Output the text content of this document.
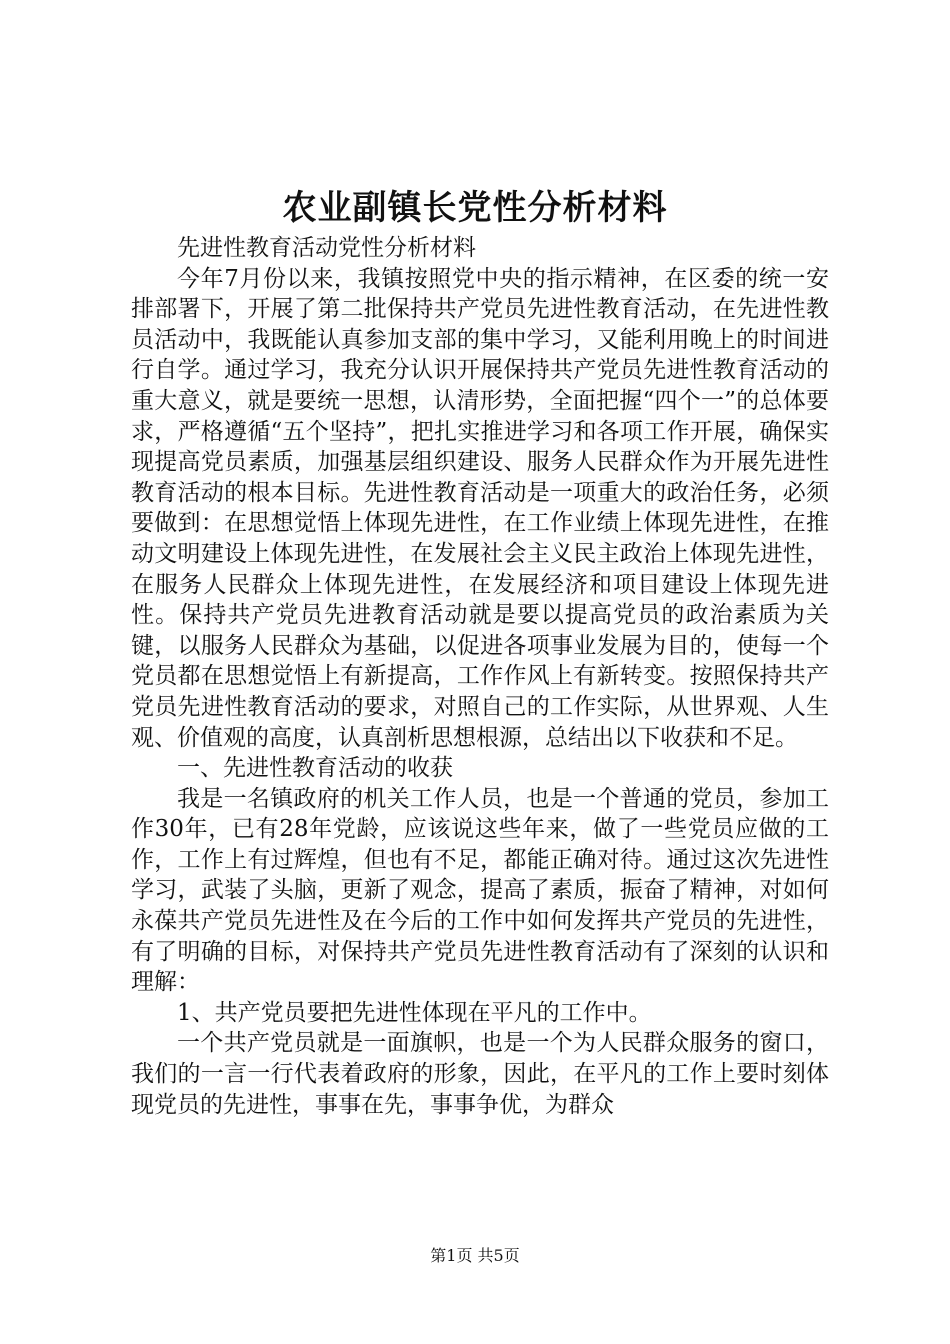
农业副镇长党性分析材料

先进性教育活动党性分析材料

今年7月份以来，我镇按照党中央的指示精神，在区委的统一安排部署下，开展了第二批保持共产党员先进性教育活动，在先进性教员活动中，我既能认真参加支部的集中学习，又能利用晚上的时间进行自学。通过学习，我充分认识开展保持共产党员先进性教育活动的重大意义，就是要统一思想，认清形势，全面把握“四个一”的总体要求，严格遵循“五个坚持”，把扎实推进学习和各项工作开展，确保实现提高党员素质，加强基层组织建设、服务人民群众作为开展先进性教育活动的根本目标。先进性教育活动是一项重大的政治任务，必须要做到：在思想觉悟上体现先进性，在工作业绩上体现先进性，在推动文明建设上体现先进性，在发展社会主义民主政治上体现先进性，在服务人民群众上体现先进性，在发展经济和项目建设上体现先进性。保持共产党员先进教育活动就是要以提高党员的政治素质为关键，以服务人民群众为基础，以促进各项事业发展为目的，使每一个党员都在思想觉悟上有新提高，工作作风上有新转变。按照保持共产党员先进性教育活动的要求，对照自己的工作实际，从世界观、人生观、价值观的高度，认真剖析思想根源，总结出以下收获和不足。

一、先进性教育活动的收获

我是一名镇政府的机关工作人员，也是一个普通的党员，参加工作30年，已有28年党龄，应该说这些年来，做了一些党员应做的工作，工作上有过辉煌，但也有不足，都能正确对待。通过这次先进性学习，武装了头脑，更新了观念，提高了素质，振奋了精神，对如何永葆共产党员先进性及在今后的工作中如何发挥共产党员的先进性，有了明确的目标，对保持共产党员先进性教育活动有了深刻的认识和理解：

1、共产党员要把先进性体现在平凡的工作中。

一个共产党员就是一面旗帜，也是一个为人民群众服务的窗口，我们的一言一行代表着政府的形象，因此，在平凡的工作上要时刻体现党员的先进性，事事在先，事事争优，为群众

第1页 共5页
